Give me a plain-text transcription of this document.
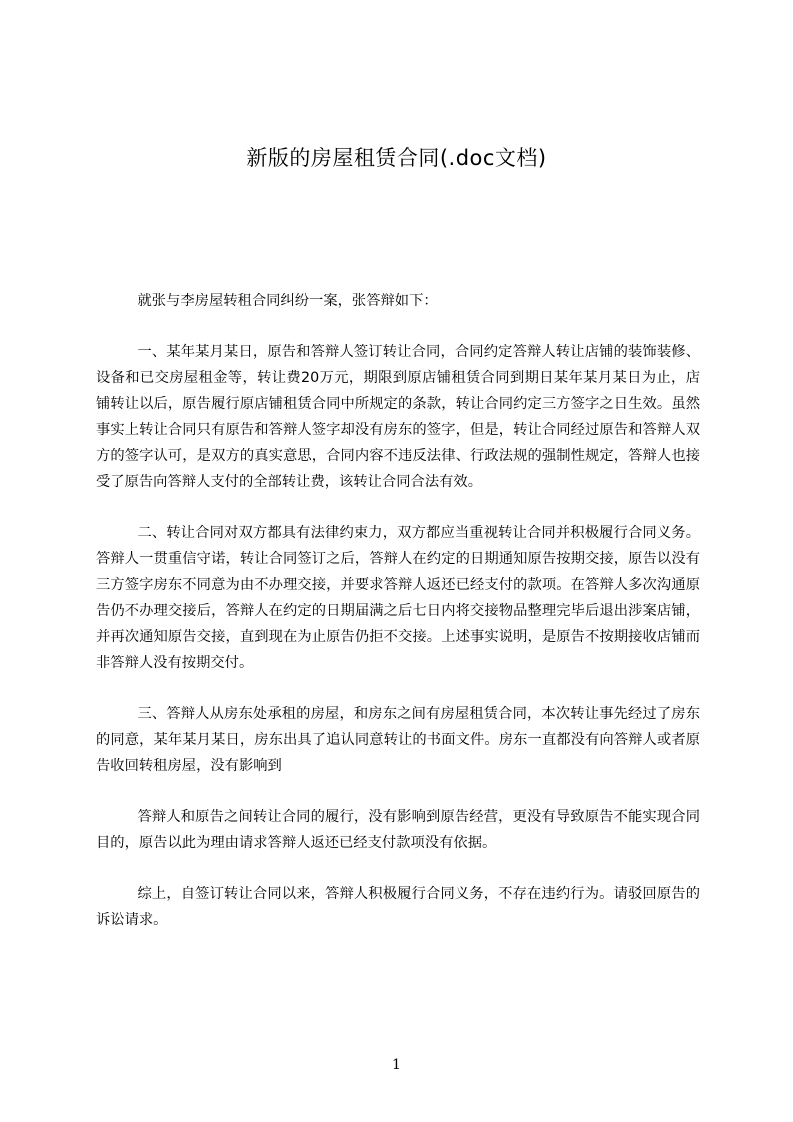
新版的房屋租赁合同(.doc文档)

就张与李房屋转租合同纠纷一案，张答辩如下：

一、某年某月某日，原告和答辩人签订转让合同，合同约定答辩人转让店铺的装饰装修、设备和已交房屋租金等，转让费20万元，期限到原店铺租赁合同到期日某年某月某日为止，店铺转让以后，原告履行原店铺租赁合同中所规定的条款，转让合同约定三方签字之日生效。虽然事实上转让合同只有原告和答辩人签字却没有房东的签字，但是，转让合同经过原告和答辩人双方的签字认可，是双方的真实意思，合同内容不违反法律、行政法规的强制性规定，答辩人也接受了原告向答辩人支付的全部转让费，该转让合同合法有效。

二、转让合同对双方都具有法律约束力，双方都应当重视转让合同并积极履行合同义务。答辩人一贯重信守诺，转让合同签订之后，答辩人在约定的日期通知原告按期交接，原告以没有三方签字房东不同意为由不办理交接，并要求答辩人返还已经支付的款项。在答辩人多次沟通原告仍不办理交接后，答辩人在约定的日期届满之后七日内将交接物品整理完毕后退出涉案店铺，并再次通知原告交接，直到现在为止原告仍拒不交接。上述事实说明，是原告不按期接收店铺而非答辩人没有按期交付。

三、答辩人从房东处承租的房屋，和房东之间有房屋租赁合同，本次转让事先经过了房东的同意，某年某月某日，房东出具了追认同意转让的书面文件。房东一直都没有向答辩人或者原告收回转租房屋，没有影响到

答辩人和原告之间转让合同的履行，没有影响到原告经营，更没有导致原告不能实现合同目的，原告以此为理由请求答辩人返还已经支付款项没有依据。

综上，自签订转让合同以来，答辩人积极履行合同义务，不存在违约行为。请驳回原告的诉讼请求。

1
